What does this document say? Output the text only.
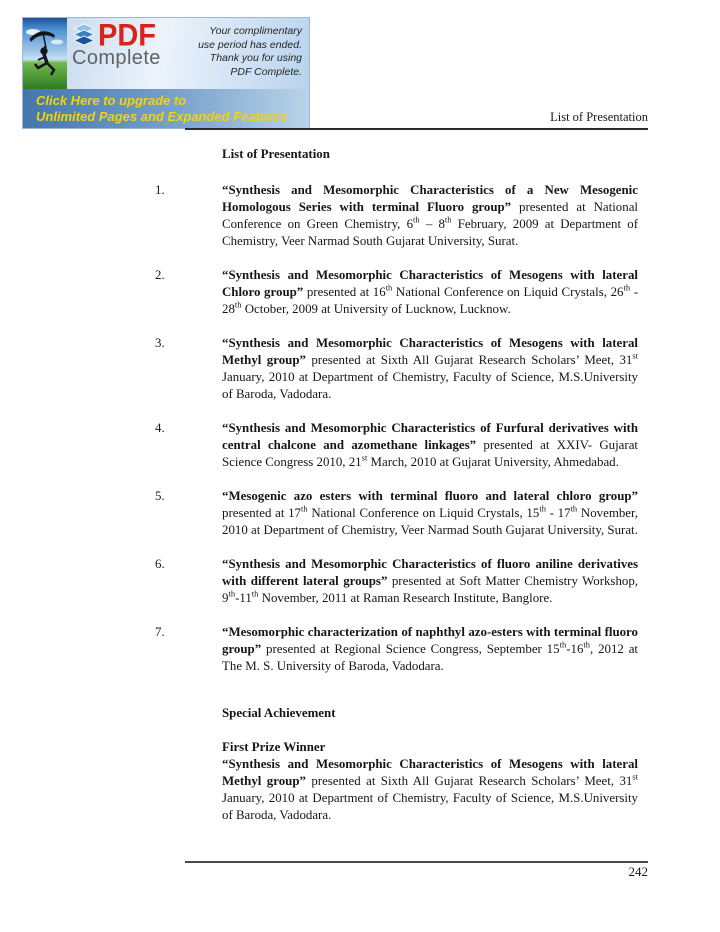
PDF
Complete
Your complimentary
use period has ended.
Thank you for using
PDF Complete.
Click Here to upgrade to
Unlimited Pages and Expanded Features	List of Presentation
List of Presentation
1.	“Synthesis and Mesomorphic Characteristics of a New Mesogenic Homologous Series with terminal Fluoro group” presented at National Conference on Green Chemistry, 6th – 8th February, 2009 at Department of Chemistry, Veer Narmad South Gujarat University, Surat.
2.	“Synthesis and Mesomorphic Characteristics of Mesogens with lateral Chloro group” presented at 16th National Conference on Liquid Crystals, 26th - 28th October, 2009 at University of Lucknow, Lucknow.
3.	“Synthesis and Mesomorphic Characteristics of Mesogens with lateral Methyl group” presented at Sixth All Gujarat Research Scholars’ Meet, 31st January, 2010 at Department of Chemistry, Faculty of Science, M.S.University of Baroda, Vadodara.
4.	“Synthesis and Mesomorphic Characteristics of Furfural derivatives with central chalcone and azomethane linkages” presented at XXIV- Gujarat Science Congress 2010, 21st March, 2010 at Gujarat University, Ahmedabad.
5.	“Mesogenic azo esters with terminal fluoro and lateral chloro group” presented at 17th National Conference on Liquid Crystals, 15th - 17th November, 2010 at Department of Chemistry, Veer Narmad South Gujarat University, Surat.
6.	“Synthesis and Mesomorphic Characteristics of fluoro aniline derivatives with different lateral groups” presented at Soft Matter Chemistry Workshop, 9th-11th November, 2011 at Raman Research Institute, Banglore.
7.	“Mesomorphic characterization of naphthyl azo-esters with terminal fluoro group” presented at Regional Science Congress, September 15th-16th, 2012 at The M. S. University of Baroda, Vadodara.

Special Achievement

First Prize Winner

“Synthesis and Mesomorphic Characteristics of Mesogens with lateral Methyl group” presented at Sixth All Gujarat Research Scholars’ Meet, 31st January, 2010 at Department of Chemistry, Faculty of Science, M.S.University of Baroda, Vadodara.

242
